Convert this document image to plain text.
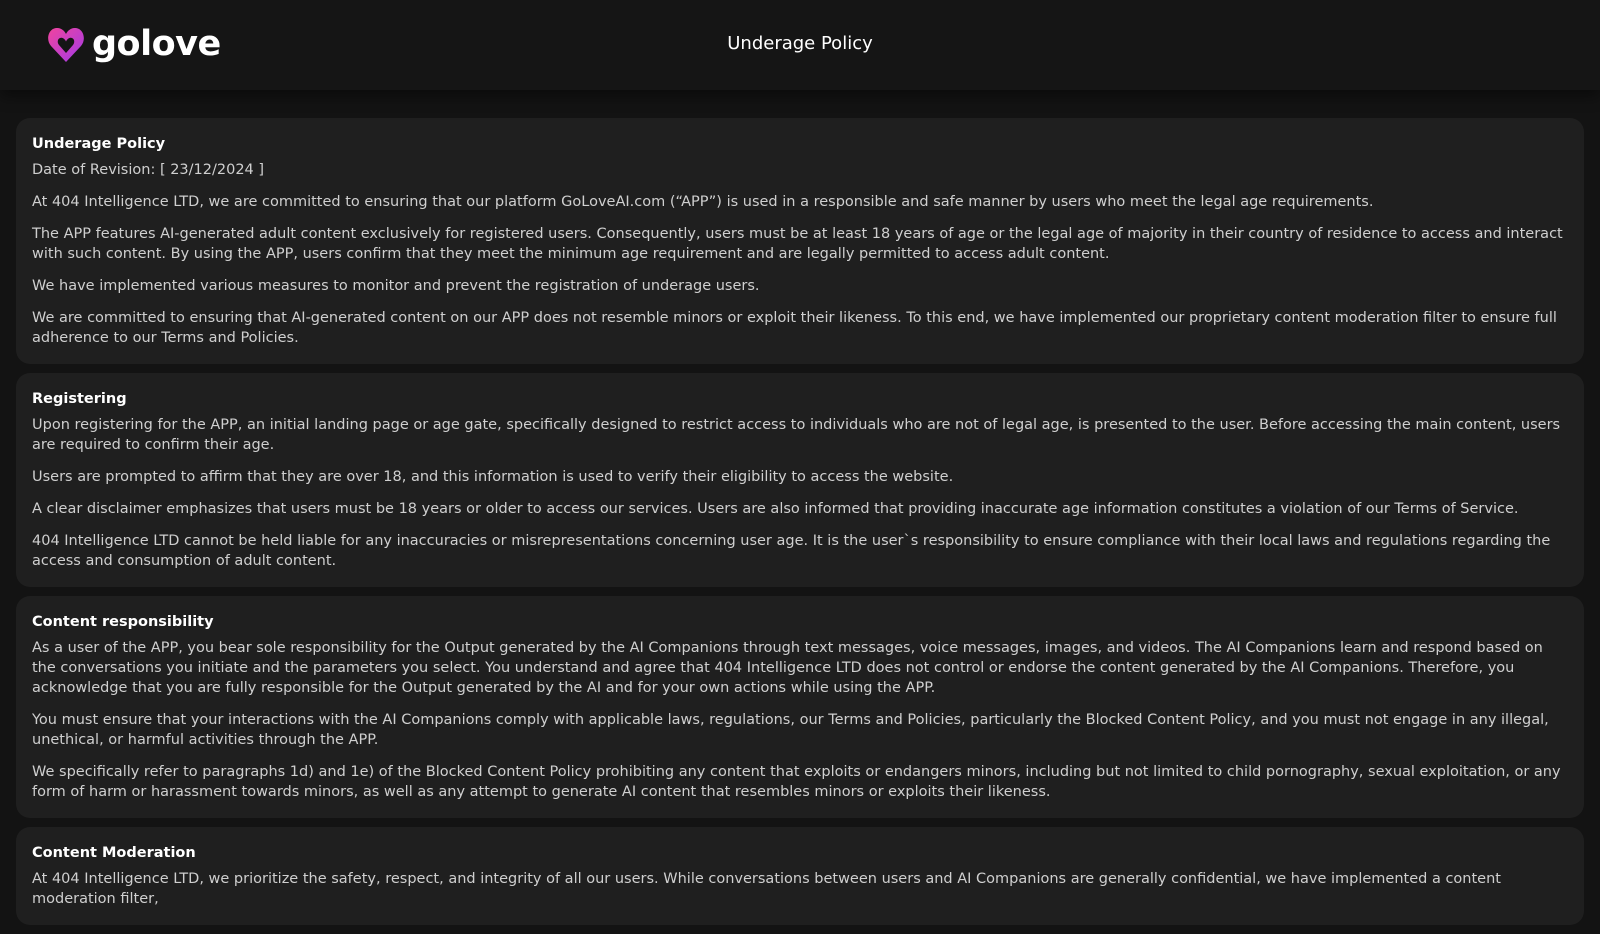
golove	Underage Policy
Underage Policy

Date of Revision: [ 23/12/2024 ]

At 404 Intelligence LTD, we are committed to ensuring that our platform GoLoveAI.com (“APP”) is used in a responsible and safe manner by users who meet the legal age requirements.

The APP features AI-generated adult content exclusively for registered users. Consequently, users must be at least 18 years of age or the legal age of majority in their country of residence to access and interact with such content. By using the APP, users confirm that they meet the minimum age requirement and are legally permitted to access adult content.

We have implemented various measures to monitor and prevent the registration of underage users.

We are committed to ensuring that AI-generated content on our APP does not resemble minors or exploit their likeness. To this end, we have implemented our proprietary content moderation filter to ensure full adherence to our Terms and Policies.

Registering

Upon registering for the APP, an initial landing page or age gate, specifically designed to restrict access to individuals who are not of legal age, is presented to the user. Before accessing the main content, users are required to confirm their age.

Users are prompted to affirm that they are over 18, and this information is used to verify their eligibility to access the website.

A clear disclaimer emphasizes that users must be 18 years or older to access our services. Users are also informed that providing inaccurate age information constitutes a violation of our Terms of Service.

404 Intelligence LTD cannot be held liable for any inaccuracies or misrepresentations concerning user age. It is the user`s responsibility to ensure compliance with their local laws and regulations regarding the access and consumption of adult content.

Content responsibility

As a user of the APP, you bear sole responsibility for the Output generated by the AI Companions through text messages, voice messages, images, and videos. The AI Companions learn and respond based on the conversations you initiate and the parameters you select. You understand and agree that 404 Intelligence LTD does not control or endorse the content generated by the AI Companions. Therefore, you acknowledge that you are fully responsible for the Output generated by the AI and for your own actions while using the APP.

You must ensure that your interactions with the AI Companions comply with applicable laws, regulations, our Terms and Policies, particularly the Blocked Content Policy, and you must not engage in any illegal, unethical, or harmful activities through the APP.

We specifically refer to paragraphs 1d) and 1e) of the Blocked Content Policy prohibiting any content that exploits or endangers minors, including but not limited to child pornography, sexual exploitation, or any form of harm or harassment towards minors, as well as any attempt to generate AI content that resembles minors or exploits their likeness.

Content Moderation

At 404 Intelligence LTD, we prioritize the safety, respect, and integrity of all our users. While conversations between users and AI Companions are generally confidential, we have implemented a content moderation filter,
